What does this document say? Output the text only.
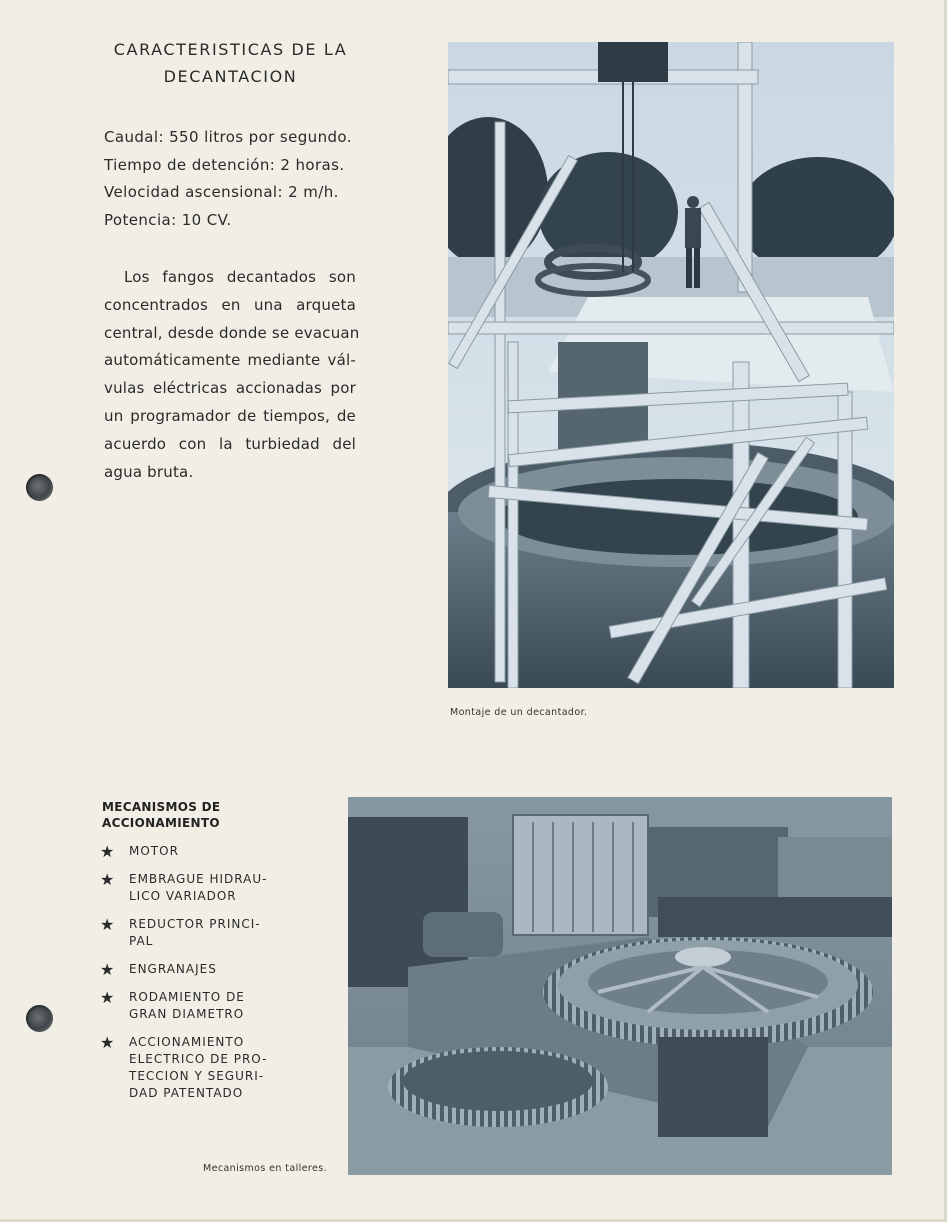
CARACTERISTICAS DE LA DECANTACION
Caudal: 550 litros por segundo.
Tiempo de detención: 2 horas.
Velocidad ascensional: 2 m/h.
Potencia: 10 CV.
Los fangos decantados son
concentrados en una arqueta
central, desde donde se evacuan
automáticamente mediante vál-
vulas eléctricas accionadas por
un programador de tiempos, de
acuerdo con la turbiedad del
agua bruta.
Montaje de un decantador.
MECANISMOS DE
ACCIONAMIENTO
★ MOTOR
★ EMBRAGUE HIDRAU-
LICO VARIADOR
★ REDUCTOR PRINCI-
PAL
★ ENGRANAJES
★ RODAMIENTO DE
GRAN DIAMETRO
★ ACCIONAMIENTO
ELECTRICO DE PRO-
TECCION Y SEGURI-
DAD PATENTADO
Mecanismos en talleres.
